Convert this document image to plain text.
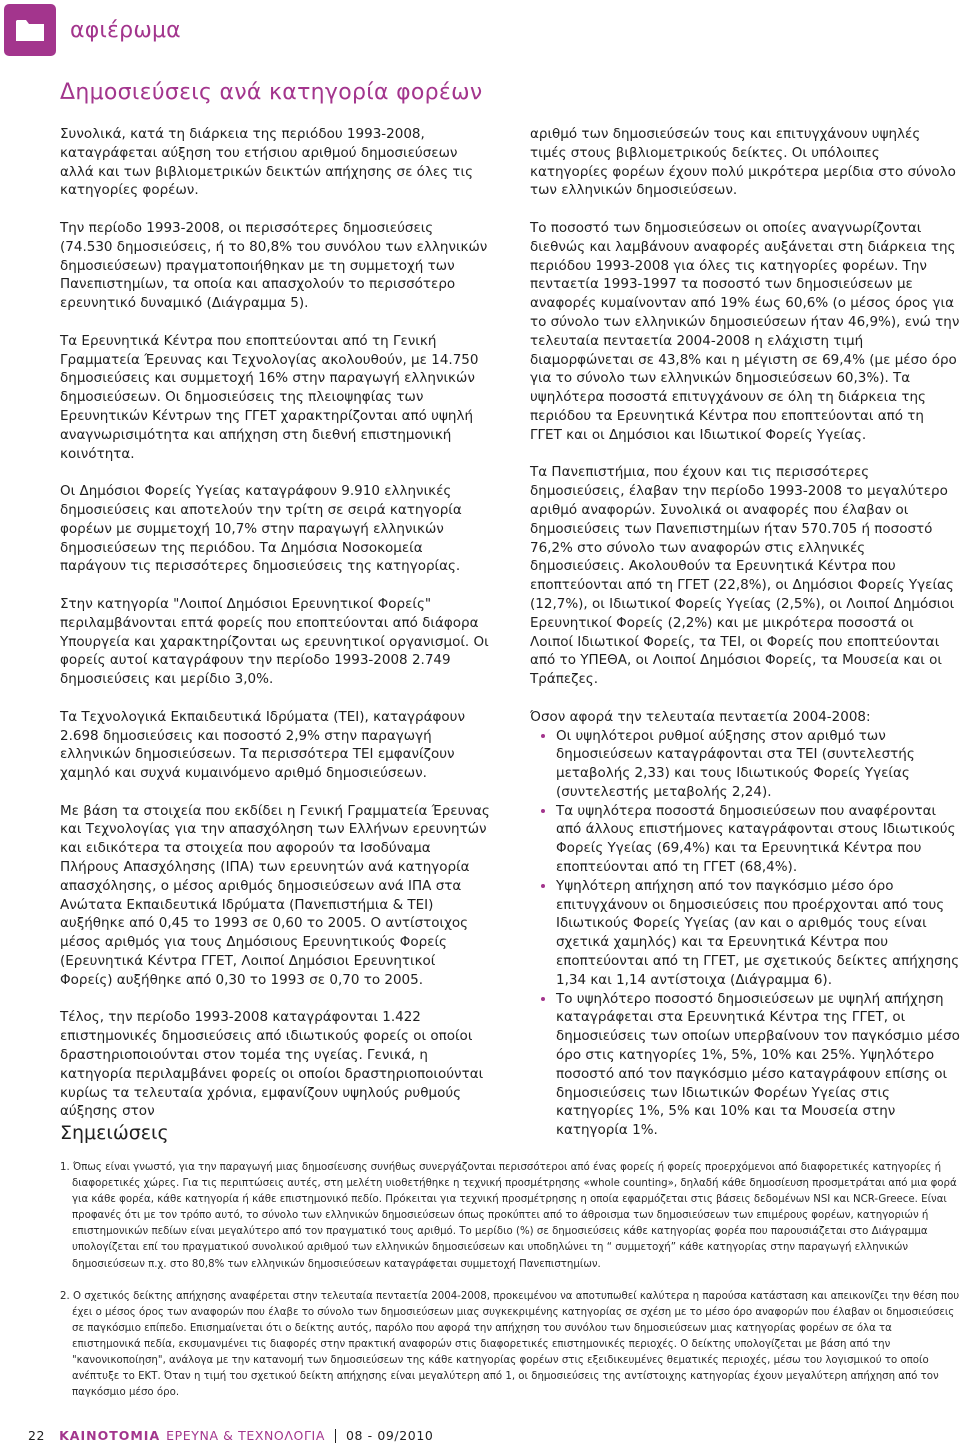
αφιέρωμα
Δημοσιεύσεις ανά κατηγορία φορέων

Συνολικά, κατά τη διάρκεια της περιόδου 1993-2008, καταγράφεται αύξηση του ετήσιου αριθμού δημοσιεύσεων αλλά και των βιβλιομετρικών δεικτών απήχησης σε όλες τις κατηγορίες φορέων.

Την περίοδο 1993-2008, οι περισσότερες δημοσιεύσεις (74.530 δημοσιεύσεις, ή το 80,8% του συνόλου των ελληνικών δημοσιεύσεων) πραγματοποιήθηκαν με τη συμμετοχή των Πανεπιστημίων, τα οποία και απασχολούν το περισσότερο ερευνητικό δυναμικό (Διάγραμμα 5).

Τα Ερευνητικά Κέντρα που εποπτεύονται από τη Γενική Γραμματεία Έρευνας και Τεχνολογίας ακολουθούν, με 14.750 δημοσιεύσεις και συμμετοχή 16% στην παραγωγή ελληνικών δημοσιεύσεων. Οι δημοσιεύσεις της πλειοψηφίας των Ερευνητικών Κέντρων της ΓΓΕΤ χαρακτηρίζονται από υψηλή αναγνωρισιμότητα και απήχηση στη διεθνή επιστημονική κοινότητα.

Οι Δημόσιοι Φορείς Υγείας καταγράφουν 9.910 ελληνικές δημοσιεύσεις και αποτελούν την τρίτη σε σειρά κατηγορία φορέων με συμμετοχή 10,7% στην παραγωγή ελληνικών δημοσιεύσεων της περιόδου. Τα Δημόσια Νοσοκομεία παράγουν τις περισσότερες δημοσιεύσεις της κατηγορίας.

Στην κατηγορία "Λοιποί Δημόσιοι Ερευνητικοί Φορείς" περιλαμβάνονται επτά φορείς που εποπτεύονται από διάφορα Υπουργεία και χαρακτηρίζονται ως ερευνητικοί οργανισμοί. Οι φορείς αυτοί καταγράφουν την περίοδο 1993-2008 2.749 δημοσιεύσεις και μερίδιο 3,0%.

Τα Τεχνολογικά Εκπαιδευτικά Ιδρύματα (ΤΕΙ), καταγράφουν 2.698 δημοσιεύσεις και ποσοστό 2,9% στην παραγωγή ελληνικών δημοσιεύσεων. Τα περισσότερα ΤΕΙ εμφανίζουν χαμηλό και συχνά κυμαινόμενο αριθμό δημοσιεύσεων.

Με βάση τα στοιχεία που εκδίδει η Γενική Γραμματεία Έρευνας και Τεχνολογίας για την απασχόληση των Ελλήνων ερευνητών και ειδικότερα τα στοιχεία που αφορούν τα Ισοδύναμα Πλήρους Απασχόλησης (ΙΠΑ) των ερευνητών ανά κατηγορία απασχόλησης, ο μέσος αριθμός δημοσιεύσεων ανά ΙΠΑ στα Ανώτατα Εκπαιδευτικά Ιδρύματα (Πανεπιστήμια & ΤΕΙ) αυξήθηκε από 0,45 το 1993 σε 0,60 το 2005. Ο αντίστοιχος μέσος αριθμός για τους Δημόσιους Ερευνητικούς Φορείς (Ερευνητικά Κέντρα ΓΓΕΤ, Λοιποί Δημόσιοι Ερευνητικοί Φορείς) αυξήθηκε από 0,30 το 1993 σε 0,70 το 2005.

Τέλος, την περίοδο 1993-2008 καταγράφονται 1.422 επιστημονικές δημοσιεύσεις από ιδιωτικούς φορείς οι οποίοι δραστηριοποιούνται στον τομέα της υγείας. Γενικά, η κατηγορία περιλαμβάνει φορείς οι οποίοι δραστηριοποιούνται κυρίως τα τελευταία χρόνια, εμφανίζουν υψηλούς ρυθμούς αύξησης στον

αριθμό των δημοσιεύσεών τους και επιτυγχάνουν υψηλές τιμές στους βιβλιομετρικούς δείκτες. Οι υπόλοιπες κατηγορίες φορέων έχουν πολύ μικρότερα μερίδια στο σύνολο των ελληνικών δημοσιεύσεων.

Το ποσοστό των δημοσιεύσεων οι οποίες αναγνωρίζονται διεθνώς και λαμβάνουν αναφορές αυξάνεται στη διάρκεια της περιόδου 1993-2008 για όλες τις κατηγορίες φορέων. Την πενταετία 1993-1997 τα ποσοστό των δημοσιεύσεων με αναφορές κυμαίνονταν από 19% έως 60,6% (ο μέσος όρος για το σύνολο των ελληνικών δημοσιεύσεων ήταν 46,9%), ενώ την τελευταία πενταετία 2004-2008 η ελάχιστη τιμή διαμορφώνεται σε 43,8% και η μέγιστη σε 69,4% (με μέσο όρο για το σύνολο των ελληνικών δημοσιεύσεων 60,3%). Τα υψηλότερα ποσοστά επιτυγχάνουν σε όλη τη διάρκεια της περιόδου τα Ερευνητικά Κέντρα που εποπτεύονται από τη ΓΓΕΤ και οι Δημόσιοι και Ιδιωτικοί Φορείς Υγείας.

Τα Πανεπιστήμια, που έχουν και τις περισσότερες δημοσιεύσεις, έλαβαν την περίοδο 1993-2008 το μεγαλύτερο αριθμό αναφορών. Συνολικά οι αναφορές που έλαβαν οι δημοσιεύσεις των Πανεπιστημίων ήταν 570.705 ή ποσοστό 76,2% στο σύνολο των αναφορών στις ελληνικές δημοσιεύσεις. Ακολουθούν τα Ερευνητικά Κέντρα που εποπτεύονται από τη ΓΓΕΤ (22,8%), οι Δημόσιοι Φορείς Υγείας (12,7%), οι Ιδιωτικοί Φορείς Υγείας (2,5%), οι Λοιποί Δημόσιοι Ερευνητικοί Φορείς (2,2%) και με μικρότερα ποσοστά οι Λοιποί Ιδιωτικοί Φορείς, τα ΤΕΙ, οι Φορείς που εποπτεύονται από το ΥΠΕΘΑ, οι Λοιποί Δημόσιοι Φορείς, τα Μουσεία και οι Τράπεζες.

Όσον αφορά την τελευταία πενταετία 2004-2008:
• Οι υψηλότεροι ρυθμοί αύξησης στον αριθμό των δημοσιεύσεων καταγράφονται στα ΤΕΙ (συντελεστής μεταβολής 2,33) και τους Ιδιωτικούς Φορείς Υγείας (συντελεστής μεταβολής 2,24).
• Τα υψηλότερα ποσοστά δημοσιεύσεων που αναφέρονται από άλλους επιστήμονες καταγράφονται στους Ιδιωτικούς Φορείς Υγείας (69,4%) και τα Ερευνητικά Κέντρα που εποπτεύονται από τη ΓΓΕΤ (68,4%).
• Υψηλότερη απήχηση από τον παγκόσμιο μέσο όρο επιτυγχάνουν οι δημοσιεύσεις που προέρχονται από τους Ιδιωτικούς Φορείς Υγείας (αν και ο αριθμός τους είναι σχετικά χαμηλός) και τα Ερευνητικά Κέντρα που εποπτεύονται από τη ΓΓΕΤ, με σχετικούς δείκτες απήχησης 1,34 και 1,14 αντίστοιχα (Διάγραμμα 6).
• Το υψηλότερο ποσοστό δημοσιεύσεων με υψηλή απήχηση καταγράφεται στα Ερευνητικά Κέντρα της ΓΓΕΤ, οι δημοσιεύσεις των οποίων υπερβαίνουν τον παγκόσμιο μέσο όρο στις κατηγορίες 1%, 5%, 10% και 25%. Υψηλότερο ποσοστό από τον παγκόσμιο μέσο καταγράφουν επίσης οι δημοσιεύσεις των Ιδιωτικών Φορέων Υγείας στις κατηγορίες 1%, 5% και 10% και τα Μουσεία στην κατηγορία 1%.
Σημειώσεις

1. Όπως είναι γνωστό, για την παραγωγή μιας δημοσίευσης συνήθως συνεργάζονται περισσότεροι από ένας φορείς ή φορείς προερχόμενοι από διαφορετικές κατηγορίες ή διαφορετικές χώρες. Για τις περιπτώσεις αυτές, στη μελέτη υιοθετήθηκε η τεχνική προσμέτρησης «whole counting», δηλαδή κάθε δημοσίευση προσμετράται από μια φορά για κάθε φορέα, κάθε κατηγορία ή κάθε επιστημονικό πεδίο. Πρόκειται για τεχνική προσμέτρησης η οποία εφαρμόζεται στις βάσεις δεδομένων NSI και NCR-Greece. Είναι προφανές ότι με τον τρόπο αυτό, το σύνολο των ελληνικών δημοσιεύσεων όπως προκύπτει από το άθροισμα των δημοσιεύσεων των επιμέρους φορέων, κατηγοριών ή επιστημονικών πεδίων είναι μεγαλύτερο από τον πραγματικό τους αριθμό. Το μερίδιο (%) σε δημοσιεύσεις κάθε κατηγορίας φορέα που παρουσιάζεται στο Διάγραμμα υπολογίζεται επί του πραγματικού συνολικού αριθμού των ελληνικών δημοσιεύσεων και υποδηλώνει τη “ συμμετοχή” κάθε κατηγορίας στην παραγωγή ελληνικών δημοσιεύσεων π.χ. στο 80,8% των ελληνικών δημοσιεύσεων καταγράφεται συμμετοχή Πανεπιστημίων.

2. Ο σχετικός δείκτης απήχησης αναφέρεται στην τελευταία πενταετία 2004-2008, προκειμένου να αποτυπωθεί καλύτερα η παρούσα κατάσταση και απεικονίζει την θέση που έχει ο μέσος όρος των αναφορών που έλαβε το σύνολο των δημοσιεύσεων μιας συγκεκριμένης κατηγορίας σε σχέση με το μέσο όρο αναφορών που έλαβαν οι δημοσιεύσεις σε παγκόσμιο επίπεδο. Επισημαίνεται ότι ο δείκτης αυτός, παρόλο που αφορά την απήχηση του συνόλου των δημοσιεύσεων μιας κατηγορίας φορέων σε όλα τα επιστημονικά πεδία, εκσυμανμένει τις διαφορές στην πρακτική αναφορών στις διαφορετικές επιστημονικές περιοχές. Ο δείκτης υπολογίζεται με βάση από την "κανονικοποίηση", ανάλογα με την κατανομή των δημοσιεύσεων της κάθε κατηγορίας φορέων στις εξειδικευμένες θεματικές περιοχές, μέσω του λογισμικού το οποίο ανέπτυξε το ΕΚΤ. Όταν η τιμή του σχετικού δείκτη απήχησης είναι μεγαλύτερη από 1, οι δημοσιεύσεις της αντίστοιχης κατηγορίας έχουν μεγαλύτερη απήχηση από τον παγκόσμιο μέσο όρο.

22 ΚΑΙΝΟΤΟΜΙΑ ΕΡΕΥΝΑ & ΤΕΧΝΟΛΟΓΙΑ 08 - 09/2010
